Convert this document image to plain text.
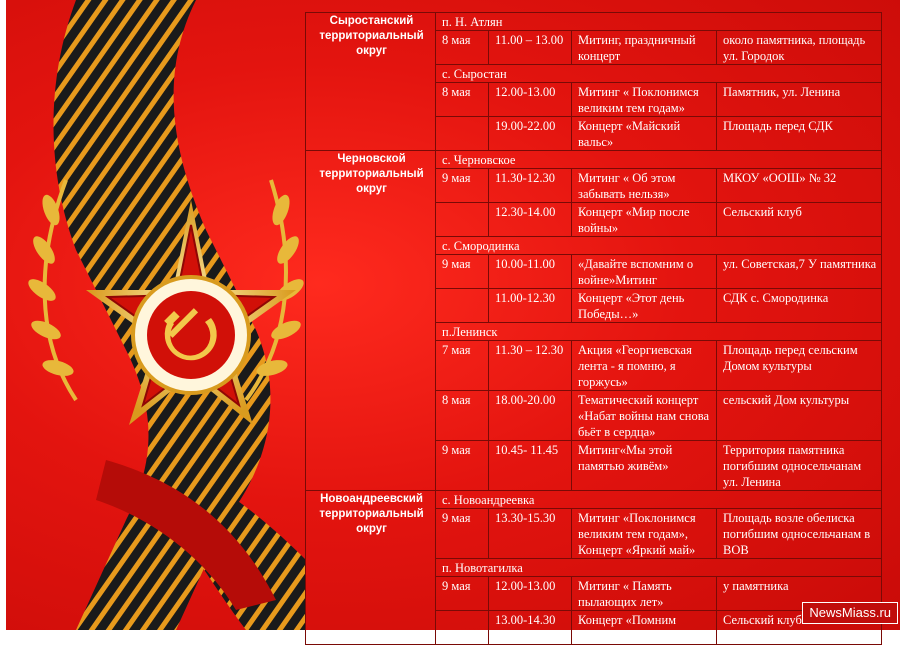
Сыростанский территориальный округ	п. Н. Атлян			
	8 мая	11.00 – 13.00	Митинг, праздничный концерт	около памятника, площадь ул. Городок
	с. Сыростан			
	8 мая	12.00-13.00	Митинг « Поклонимся великим тем годам»	Памятник, ул. Ленина
		19.00-22.00	Концерт «Майский вальс»	Площадь перед СДК
Черновской территориальный округ	с. Черновское			
	9 мая	11.30-12.30	Митинг « Об этом забывать нельзя»	МКОУ «ООШ» № 32
		12.30-14.00	Концерт «Мир после войны»	Сельский клуб
	с. Смородинка			
	9 мая	10.00-11.00	«Давайте вспомним о войне»Митинг	ул. Советская,7 У памятника
		11.00-12.30	Концерт «Этот день Победы…»	СДК с. Смородинка
	п.Ленинск			
	7 мая	11.30 – 12.30	Акция «Георгиевская лента - я помню, я горжусь»	Площадь перед сельским Домом культуры
	8 мая	18.00-20.00	Тематический концерт «Набат войны нам снова бьёт в сердца»	сельский Дом культуры
	9 мая	10.45- 11.45	Митинг«Мы этой памятью живём»	Территория памятника погибшим односельчанам ул. Ленина
Новоандреевский территориальный округ	с. Новоандреевка			
	9 мая	13.30-15.30	Митинг «Поклонимся великим тем годам», Концерт «Яркий май»	Площадь возле обелиска погибшим односельчанам в ВОВ
	п. Новотагилка			
	9 мая	12.00-13.00	Митинг « Память пылающих лет»	у памятника
		13.00-14.30	Концерт «Помним сердцем»	Сельский клуб NewsMiass.ru
